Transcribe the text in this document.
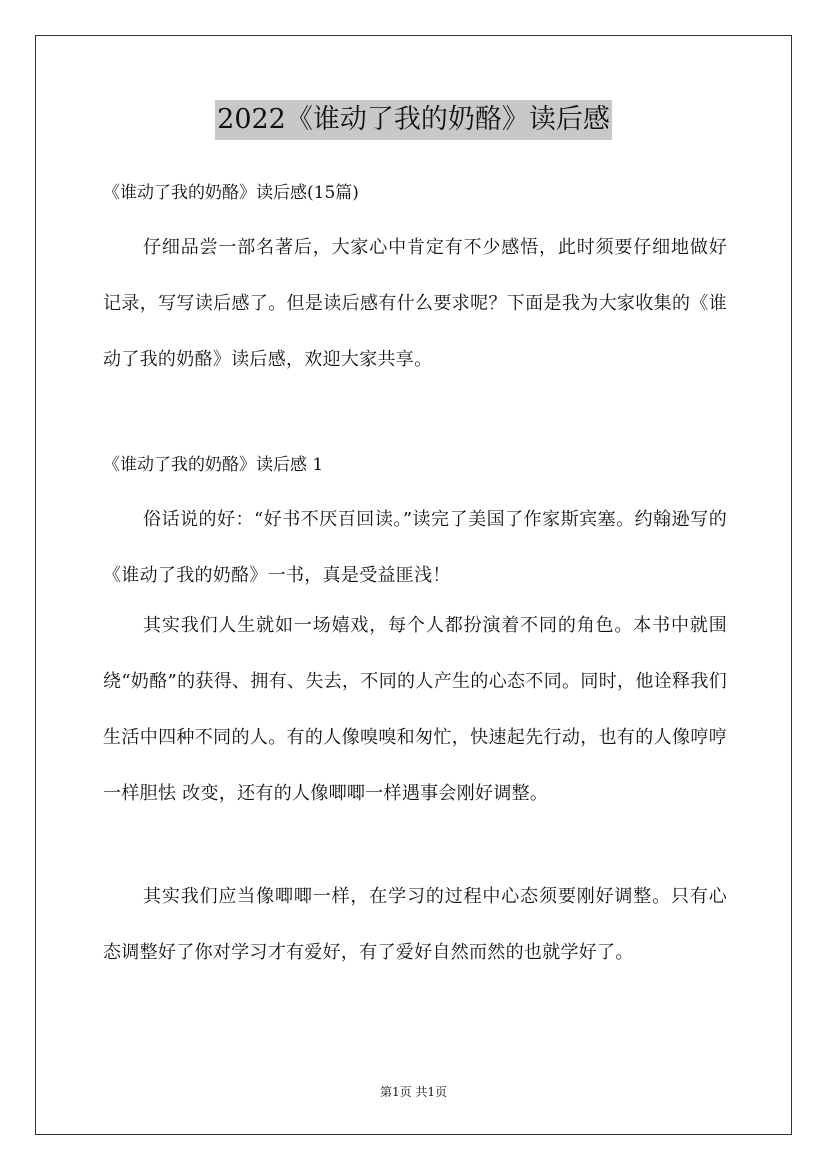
2022《谁动了我的奶酪》读后感
《谁动了我的奶酪》读后感(15篇)
仔细品尝一部名著后，大家心中肯定有不少感悟，此时须要仔细地做好记录，写写读后感了。但是读后感有什么要求呢？下面是我为大家收集的《谁动了我的奶酪》读后感，欢迎大家共享。
《谁动了我的奶酪》读后感 1
俗话说的好：“好书不厌百回读。”读完了美国了作家斯宾塞。约翰逊写的《谁动了我的奶酪》一书，真是受益匪浅！
其实我们人生就如一场嬉戏，每个人都扮演着不同的角色。本书中就围绕“奶酪”的获得、拥有、失去，不同的人产生的心态不同。同时，他诠释我们生活中四种不同的人。有的人像嗅嗅和匆忙，快速起先行动，也有的人像哼哼一样胆怯 改变，还有的人像唧唧一样遇事会刚好调整。
其实我们应当像唧唧一样，在学习的过程中心态须要刚好调整。只有心态调整好了你对学习才有爱好，有了爱好自然而然的也就学好了。
第1页 共1页
